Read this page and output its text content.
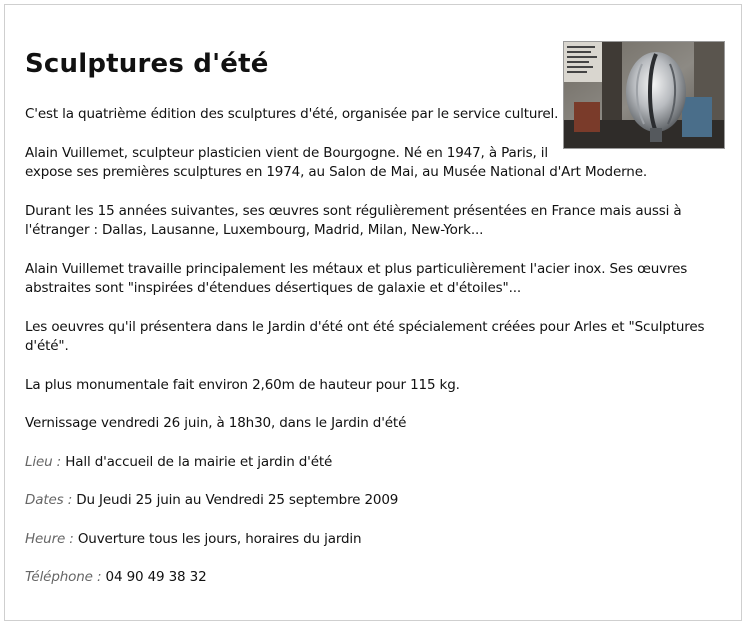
Sculptures d'été

C'est la quatrième édition des sculptures d'été, organisée par le service culturel.

Alain Vuillemet, sculpteur plasticien vient de Bourgogne. Né en 1947, à Paris, il

expose ses premières sculptures en 1974, au Salon de Mai, au Musée National d'Art Moderne.

Durant les 15 années suivantes, ses œuvres sont régulièrement présentées en France mais aussi à l'étranger : Dallas, Lausanne, Luxembourg, Madrid, Milan, New-York...

Alain Vuillemet travaille principalement les métaux et plus particulièrement l'acier inox. Ses œuvres abstraites sont "inspirées d'étendues désertiques de galaxie et d'étoiles"...

Les oeuvres qu'il présentera dans le Jardin d'été ont été spécialement créées pour Arles et "Sculptures d'été".

La plus monumentale fait environ 2,60m de hauteur pour 115 kg.

Vernissage vendredi 26 juin, à 18h30, dans le Jardin d'été

Lieu : Hall d'accueil de la mairie et jardin d'été

Dates : Du Jeudi 25 juin au Vendredi 25 septembre 2009

Heure : Ouverture tous les jours, horaires du jardin

Téléphone : 04 90 49 38 32
